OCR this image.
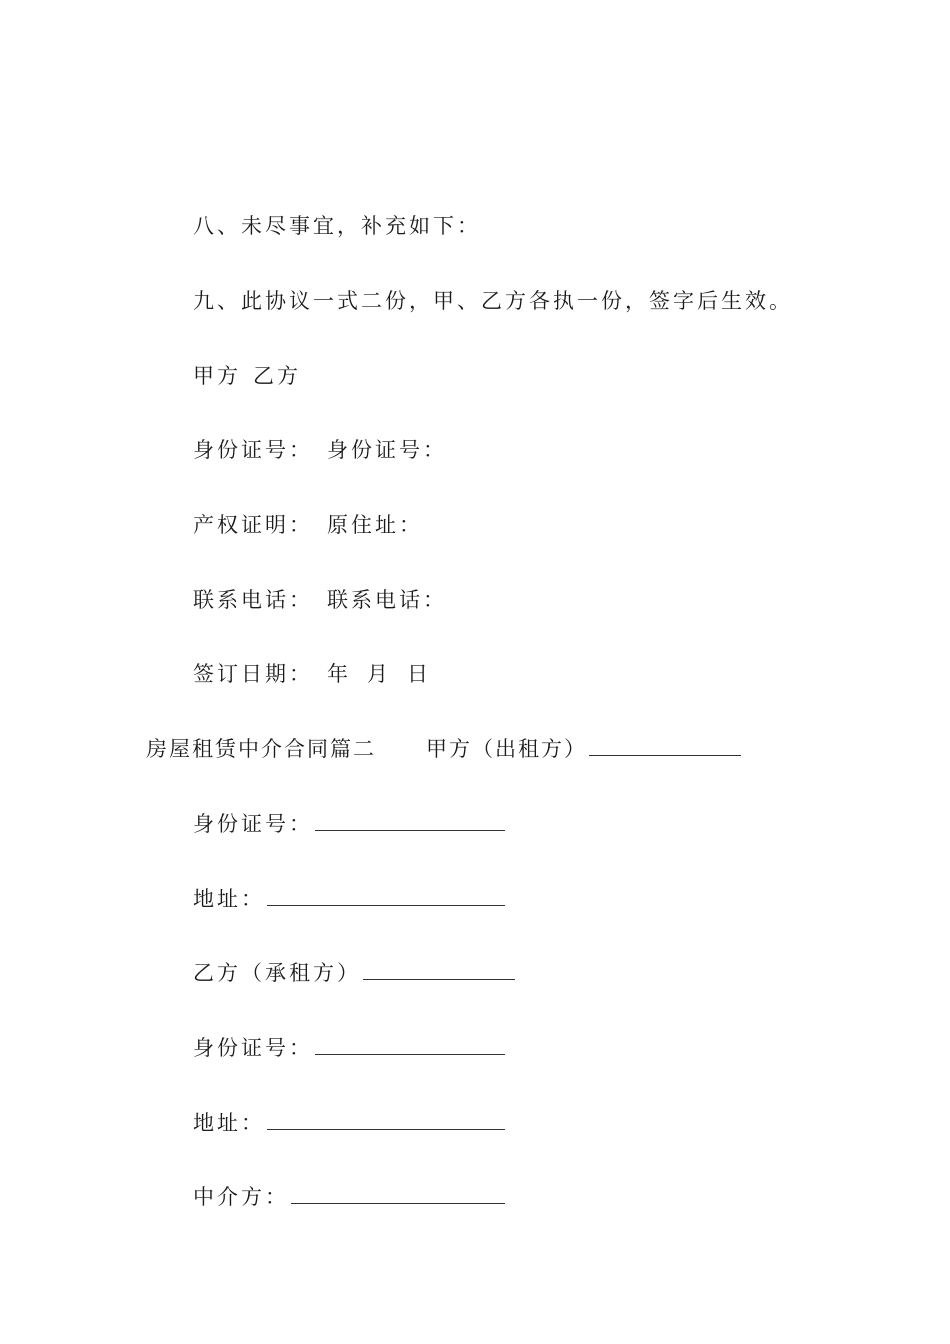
八、未尽事宜，补充如下：
九、此协议一式二份，甲、乙方各执一份，签字后生效。
甲方 乙方
身份证号： 身份证号：
产权证明： 原住址：
联系电话： 联系电话：
签订日期： 年 月 日
房屋租赁中介合同篇二 甲方（出租方）
身份证号：
地址：
乙方（承租方）
身份证号：
地址：
中介方：
